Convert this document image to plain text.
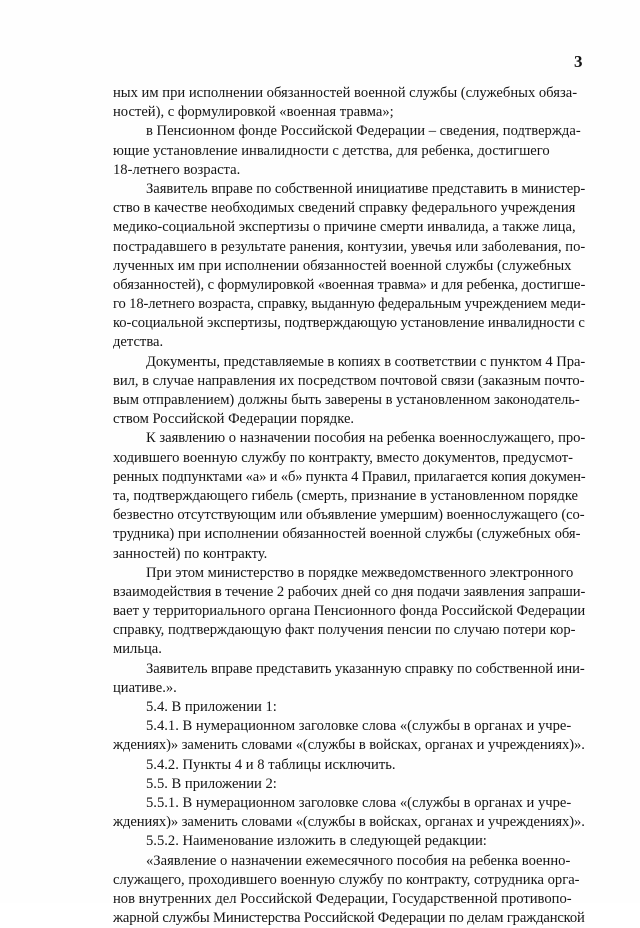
3
ных им при исполнении обязанностей военной службы (служебных обяза-
ностей), с формулировкой «военная травма»;
в Пенсионном фонде Российской Федерации – сведения, подтвержда-
ющие установление инвалидности с детства, для ребенка, достигшего
18-летнего возраста.
Заявитель вправе по собственной инициативе представить в министер-
ство в качестве необходимых сведений справку федерального учреждения
медико-социальной экспертизы о причине смерти инвалида, а также лица,
пострадавшего в результате ранения, контузии, увечья или заболевания, по-
лученных им при исполнении обязанностей военной службы (служебных
обязанностей), с формулировкой «военная травма» и для ребенка, достигше-
го 18-летнего возраста, справку, выданную федеральным учреждением меди-
ко-социальной экспертизы, подтверждающую установление инвалидности с
детства.
Документы, представляемые в копиях в соответствии с пунктом 4 Пра-
вил, в случае направления их посредством почтовой связи (заказным почто-
вым отправлением) должны быть заверены в установленном законодатель-
ством Российской Федерации порядке.
К заявлению о назначении пособия на ребенка военнослужащего, про-
ходившего военную службу по контракту, вместо документов, предусмот-
ренных подпунктами «а» и «б» пункта 4 Правил, прилагается копия докумен-
та, подтверждающего гибель (смерть, признание в установленном порядке
безвестно отсутствующим или объявление умершим) военнослужащего (со-
трудника) при исполнении обязанностей военной службы (служебных обя-
занностей) по контракту.
При этом министерство в порядке межведомственного электронного
взаимодействия в течение 2 рабочих дней со дня подачи заявления запраши-
вает у территориального органа Пенсионного фонда Российской Федерации
справку, подтверждающую факт получения пенсии по случаю потери кор-
мильца.
Заявитель вправе представить указанную справку по собственной ини-
циативе.».
5.4. В приложении 1:
5.4.1. В нумерационном заголовке слова «(службы в органах и учре-
ждениях)» заменить словами «(службы в войсках, органах и учреждениях)».
5.4.2. Пункты 4 и 8 таблицы исключить.
5.5. В приложении 2:
5.5.1. В нумерационном заголовке слова «(службы в органах и учре-
ждениях)» заменить словами «(службы в войсках, органах и учреждениях)».
5.5.2. Наименование изложить в следующей редакции:
«Заявление о назначении ежемесячного пособия на ребенка военно-
служащего, проходившего военную службу по контракту, сотрудника орга-
нов внутренних дел Российской Федерации, Государственной противопо-
жарной службы Министерства Российской Федерации по делам гражданской
